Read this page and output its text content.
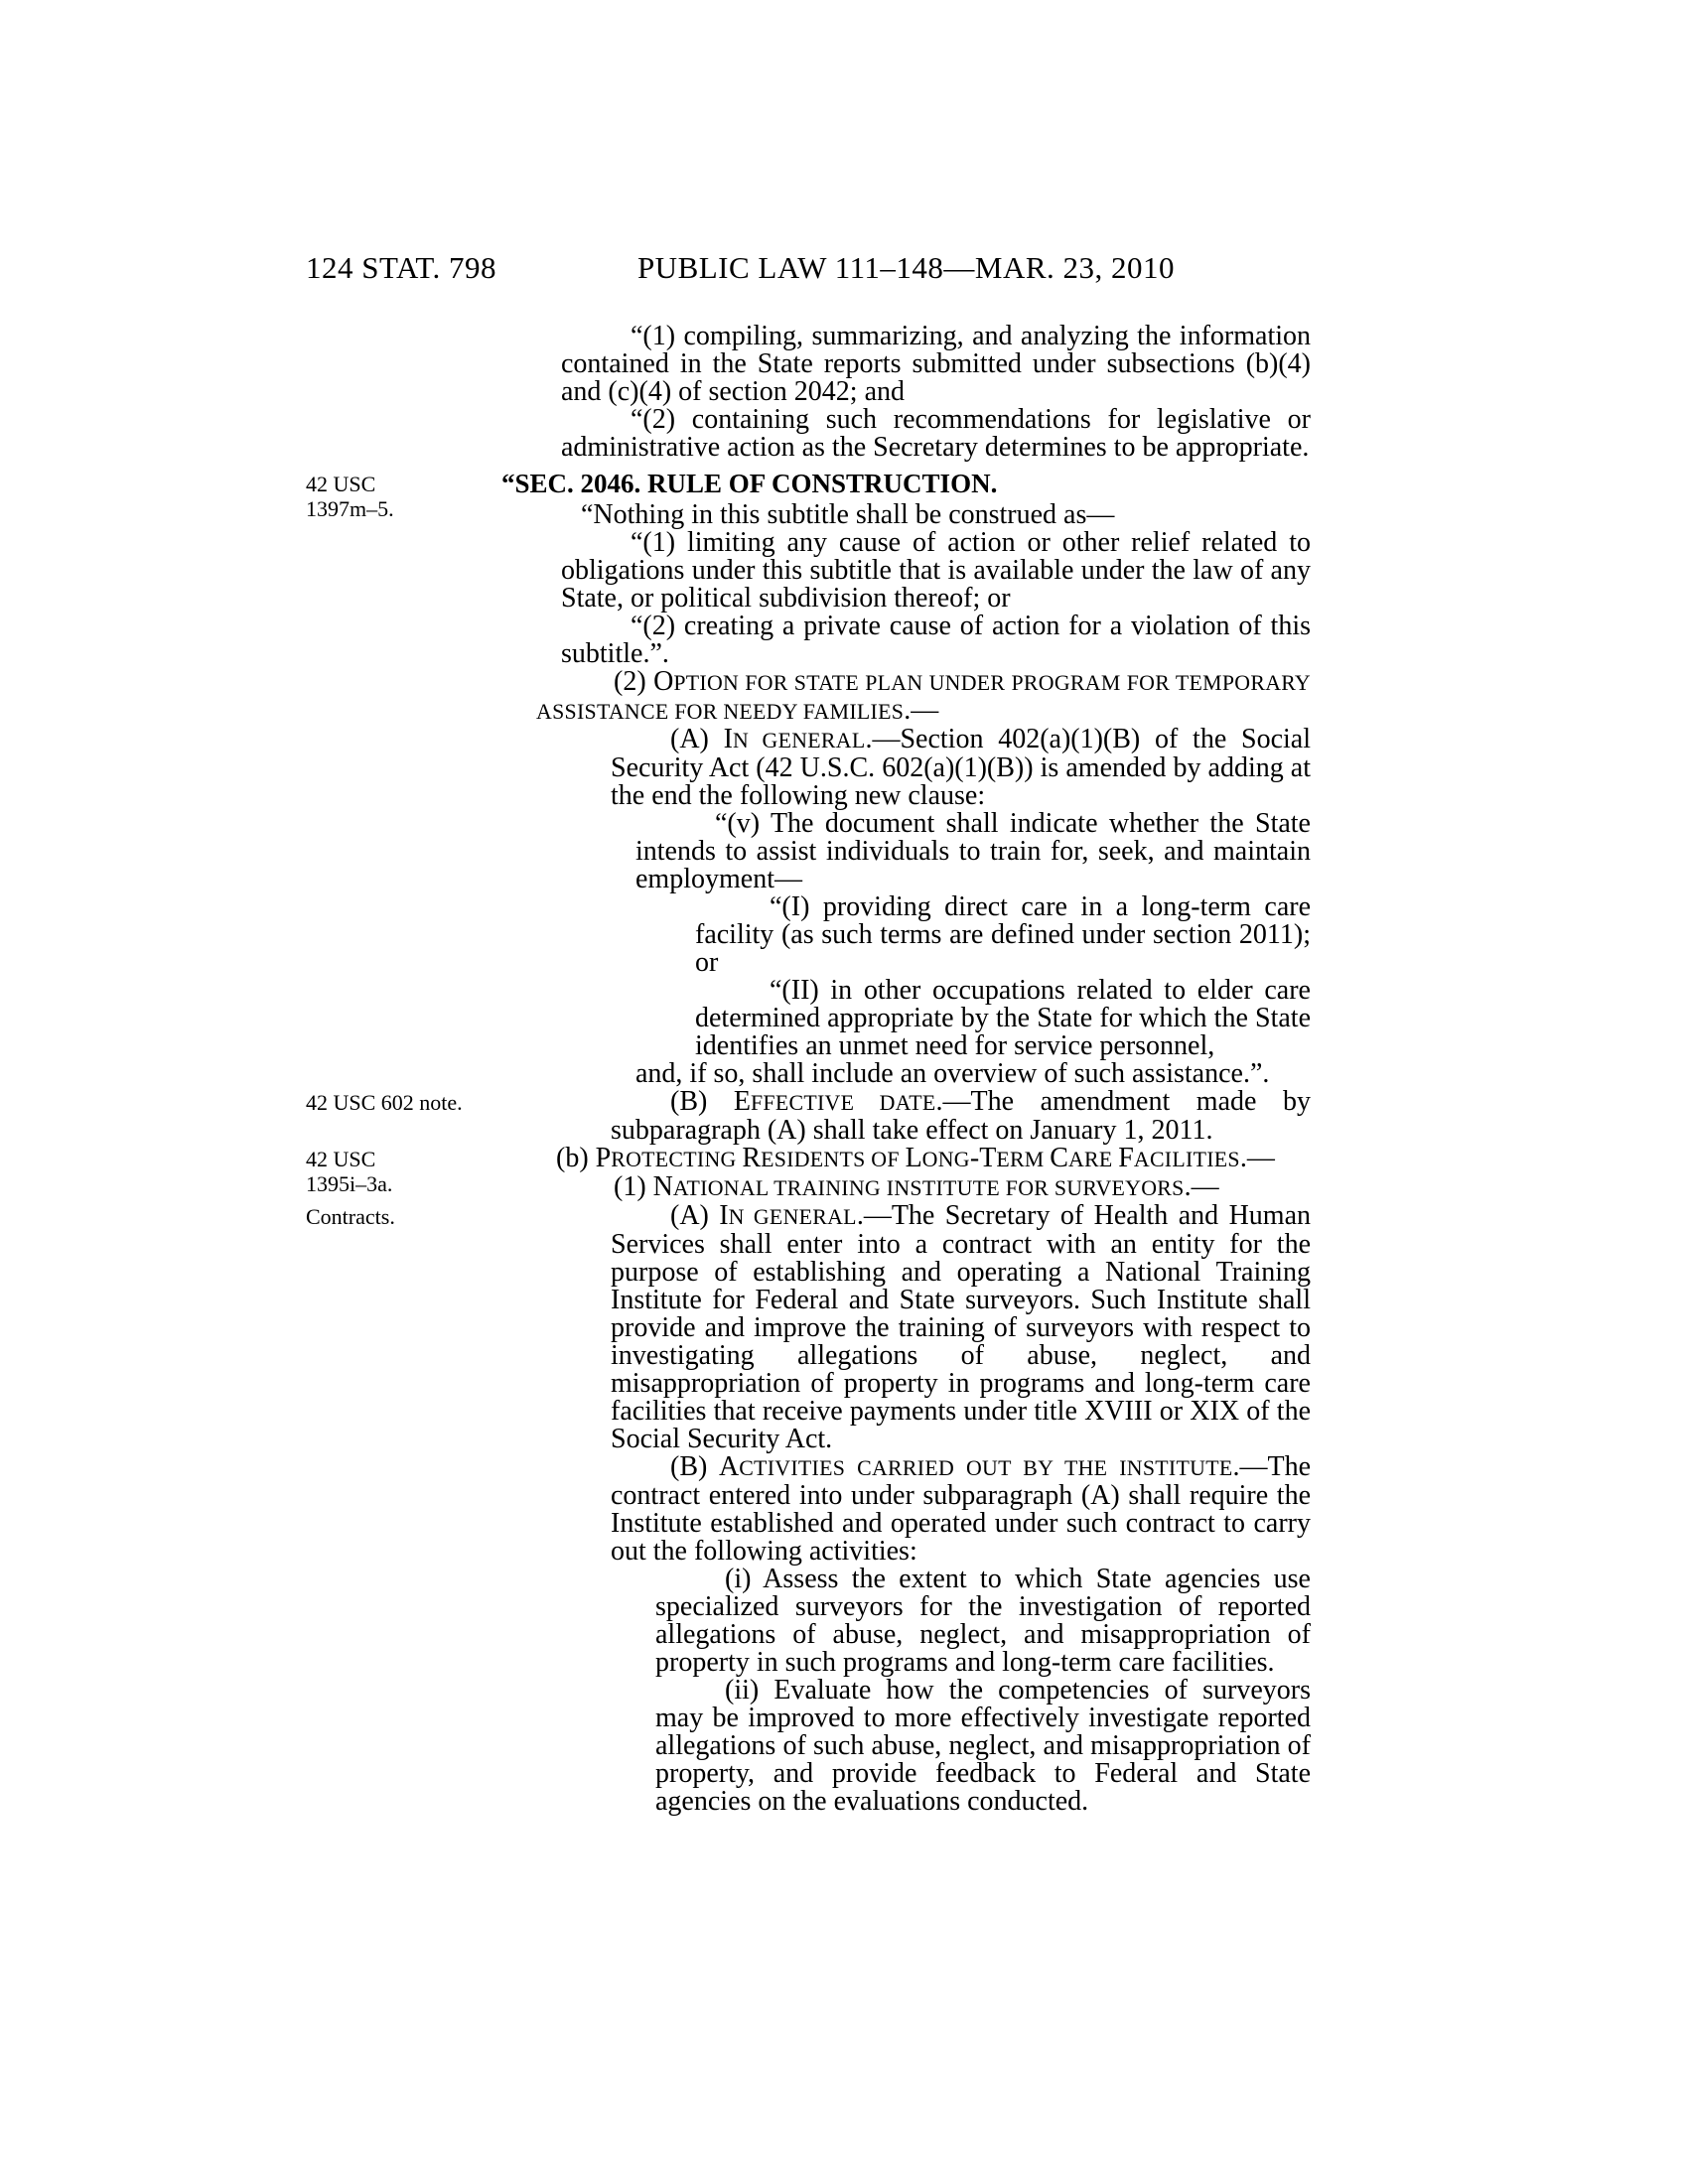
124 STAT. 798	PUBLIC LAW 111–148—MAR. 23, 2010
“(1) compiling, summarizing, and analyzing the information contained in the State reports submitted under subsections (b)(4) and (c)(4) of section 2042; and
“(2) containing such recommendations for legislative or administrative action as the Secretary determines to be appropriate.
“SEC. 2046. RULE OF CONSTRUCTION.
42 USC
1397m–5.	“Nothing in this subtitle shall be construed as—
“(1) limiting any cause of action or other relief related to obligations under this subtitle that is available under the law of any State, or political subdivision thereof; or
“(2) creating a private cause of action for a violation of this subtitle.”.
(2) OPTION FOR STATE PLAN UNDER PROGRAM FOR TEMPORARY ASSISTANCE FOR NEEDY FAMILIES.—
(A) IN GENERAL.—Section 402(a)(1)(B) of the Social Security Act (42 U.S.C. 602(a)(1)(B)) is amended by adding at the end the following new clause:
“(v) The document shall indicate whether the State intends to assist individuals to train for, seek, and maintain employment—
“(I) providing direct care in a long-term care facility (as such terms are defined under section 2011); or
“(II) in other occupations related to elder care determined appropriate by the State for which the State identifies an unmet need for service personnel,
and, if so, shall include an overview of such assistance.”.
(B) EFFECTIVE DATE.—The amendment made by subparagraph (A) shall take effect on January 1, 2011.
42 USC 602 note.
(b) PROTECTING RESIDENTS OF LONG-TERM CARE FACILITIES.—
42 USC
1395i–3a.	(1) NATIONAL TRAINING INSTITUTE FOR SURVEYORS.—
(A) IN GENERAL.—The Secretary of Health and Human Services shall enter into a contract with an entity for the purpose of establishing and operating a National Training Institute for Federal and State surveyors. Such Institute shall provide and improve the training of surveyors with respect to investigating allegations of abuse, neglect, and misappropriation of property in programs and long-term care facilities that receive payments under title XVIII or XIX of the Social Security Act.
Contracts.
(B) ACTIVITIES CARRIED OUT BY THE INSTITUTE.—The contract entered into under subparagraph (A) shall require the Institute established and operated under such contract to carry out the following activities:
(i) Assess the extent to which State agencies use specialized surveyors for the investigation of reported allegations of abuse, neglect, and misappropriation of property in such programs and long-term care facilities.
(ii) Evaluate how the competencies of surveyors may be improved to more effectively investigate reported allegations of such abuse, neglect, and misappropriation of property, and provide feedback to Federal and State agencies on the evaluations conducted.
